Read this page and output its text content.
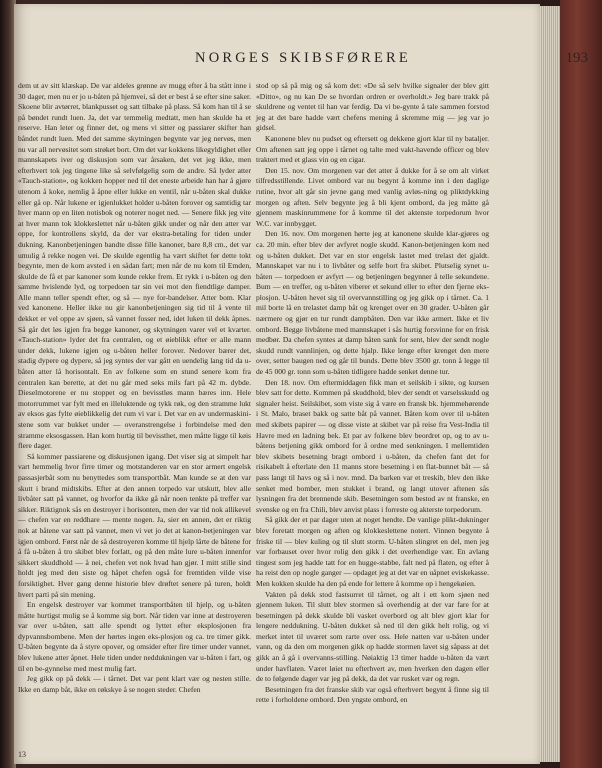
NORGES SKIBSFØRERE	193

dem ut av sitt klæskap. De var aldeles grønne av mugg efter å ha stått inne i 30 dager, men nu er jo u-båten på hjemvei, så det er best å se efter sine saker. Skoene blir avtørret, blankpusset og satt tilbake på plass. Så kom han til å se på bøndet rundt luen. Ja, det var temmelig medtatt, men han skulde ha et reserve. Han leter og finner det, og mens vi sitter og passiarer skifter han båndet rundt luen. Med det samme skytningen begynte var jeg nervøs, men nu var all nervøsitet som strøket bort. Om det var kokkens likegyldighet eller mannskapets iver og diskusjon som var årsaken, det vet jeg ikke, men efterhvert tok jeg tingene like så selvfølgelig som de andre. Så lyder atter «Tauch-station», og kokken hopper ned til det eneste arbeide han har å gjøre utenom å koke, nemlig å åpne eller lukke en ventil, når u-båten skal dukke eller gå op. Når lukene er igjenlukket holder u-båten forover og samtidig tar hver mann op en liten notisbok og noterer noget ned. — Senere fikk jeg vite at hver mann tok klokkeslettet når u-båten gikk under og når den atter var oppe, for kontrollens skyld, da der var ekstra-betaling for tiden under dukning. Kanonbetjeningen bandte disse fille kanoner, bare 8,8 cm., det var umulig å rekke nogen vei. De skulde egentlig ha vært skiftet før dette tokt begynte, men de kom avsted i en sådan fart; men når de nu kom til Emden, skulde de få et par kanoner som kunde rekke frem. Et rykk i u-båten og den samme hvislende lyd, og torpedoen tar sin vei mot den fiendtlige damper. Alle mann teller spendt efter, og så — nye for-bandelser. Atter bom. Klar ved kanonene. Heller ikke nu gir kanonbetjeningen sig tid til å vente til dekket er vel oppe av sjøen, så vannet fosser ned, idet luken til dekk åpnes. Så går det løs igjen fra begge kanoner, og skytningen varer vel et kvarter. «Tauch-station» lyder det fra centralen, og et øieblikk efter er alle mann under dekk, lukene igjen og u-båten heller forover. Nedover bærer det, stadig dypere og dypere, så jeg syntes der var gått en uendelig lang tid da u-båten atter lå horisontalt. En av folkene som en stund senere kom fra centralen kan berette, at det nu går med seks mils fart på 42 m. dybde. Dieselmotorene er nu stoppet og en bevisstløs mann bæres inn. Hele motorrummet var fylt med en illeluktende og tykk røk, og den stramme lukt av eksos gas fylte øieblikkelig det rum vi var i. Det var en av undermaskini-stene som var bukket under — overanstrengelse i forbindelse med den stramme eksosgassen. Han kom hurtig til bevissthet, men måtte ligge til køis flere dager.

Så kommer passiarene og diskusjonen igang. Det viser sig at simpelt har vart hemmelig hvor firre timer og motstanderen var en stor armert engelsk passasjerbåt som nu benyttedes som transportbåt. Man kunde se at den var skutt i brand midtskibs. Efter at den annen torpedo var utskutt, blev alle livbåter satt på vannet, og hvorfor da ikke gå når noen tenkte på treffer var sikker. Riktignok sås en destroyer i horisonten, men der var tid nok allikevel — chefen var en reddhare — mente nogen. Ja, sier en annen, det er riktig nok at båtene var satt på vannet, men vi vet jo det at kanon-betjeningen var igjen ombord. Først når de så destroyeren komme til hjelp lårte de båtene for å få u-båten å tro skibet blev forlatt, og på den måte lure u-båten innenfor sikkert skuddhold — å nei, chefen vet nok hvad han gjør. I mitt stille sind holdt jeg med den siste og håpet chefen også for fremtiden vilde vise forsiktighet. Hver gang denne historie blev drøftet senere på turen, holdt hvert parti på sin mening.

En engelsk destroyer var kommet transportbåten til hjelp, og u-båten måtte hurtigst mulig se å komme sig bort. Når tiden var inne at destroyeren var over u-båten, satt alle spendt og lyttet efter eksplosjonen fra dypvannsbombene. Men der hørtes ingen eks-plosjon og ca. tre timer gikk. U-båten begynte da å styre opover, og omsider efter fire timer under vannet, blev lukene atter åpnet. Hele tiden under neddukningen var u-båten i fart, og til en be-gynnelse med mest mulig fart.

Jeg gikk op på dekk — i tårnet. Det var pent klart vær og nesten stille. Ikke en damp båt, ikke en røkskye å se nogen steder. Chefen

stod op så på mig og så kom det: «De så selv hvilke signaler der blev gitt «Ditto», og nu kan De se hvordan ordren er overholdt.» Jeg bare trakk på skuldrene og ventet til han var ferdig. Da vi be-gynte å tale sammen forstod jeg at det bare hadde vært chefens mening å skremme mig — jeg var jo gidsel.

Kanonene blev nu pudset og eftersett og dekkene gjort klar til ny bataljer. Om aftenen satt jeg oppe i tårnet og talte med vakt-havende officer og blev traktert med et glass vin og en cigar.

Den 15. nov. Om morgenen var det atter å dukke for å se om alt virket tilfredsstillende. Livet ombord var nu begynt å komme inn i den daglige rutine, hvor alt går sin jevne gang med vanlig avløs-ning og pliktdykking morgen og aften. Selv begynte jeg å bli kjent ombord, da jeg måtte gå gjennem maskinrummene for å komme til det aktenste torpedorum hvor W.C. var innbygget.

Den 16. nov. Om morgenen hørte jeg at kanonene skulde klar-gjøres og ca. 20 min. efter blev der avfyret nogle skudd. Kanon-betjeningen kom ned og u-båten dukket. Det var en stor engelsk lastet med trelast det gjaldt. Mannskapet var nu i to livbåter og selfe bort fra skibet. Plutselig synet u-båten — torpedoen er avfyrt — og betjeningen begynner å telle sekundene. Bum — en treffer, og u-båten viberer et sekund eller to efter den fjerne eks-plosjon. U-båten hevet sig til overvannstilling og jeg gikk op i tårnet. Ca. 1 mil borte lå en trelastet damp båt og krenget over en 30 grader. U-båten går nærmere og gjør en tur rundt dampbåten. Den var ikke armert. Ikke et liv ombord. Begge livbåtene med mannskapet i sås hurtig forsvinne for en frisk medbør. Da chefen syntes at damp båten sank for sent, blev der sendt nogle skudd rundt vannlinjen, og dette hjalp. Ikke lenge efter krenget den mere over, setter baugen ned og går til bunds. Dette blev 3500 gr. tonn å legge til de 45 000 gr. tonn som u-båten tidligere hadde senket denne tur.

Den 18. nov. Om eftermiddagen fikk man et seilskib i sikte, og kursen blev satt for dette. Kommen på skuddhold, blev der sendt et varselsskudd og signaler heist. Seilskibet, som viste sig å være en fransk bk. hjemmehørende i St. Malo, braset bakk og satte båt på vannet. Båten kom over til u-båten med skibets papirer — og disse viste at skibet var på reise fra Vest-India til Havre med en ladning bek. Et par av folkene blev beordret op, og to av u-båtens betjening gikk ombord for å ordne med senkningen. I mellemtiden blev skibets besetning bragt ombord i u-båten, da chefen fant det for risikabelt å efterlate den 11 manns store besetning i en flat-bunnet båt — så pass langt til havs og så i nov. mnd. Da barken var et treskib, blev den ikke senket med bomber, men stukket i brand, og langt utover aftenen sås lysningen fra det brennende skib. Besetningen som bestod av nt franske, en svenske og en fra Chili, blev anvist plass i forreste og akterste torpedorum.

Så gikk der et par dager uten at noget hendte. De vanlige plikt-dukninger blev foretatt morgen og aften og klokkeslettene notert. Vinnen begynte å friske til — blev kuling og til slutt storm. U-båten slingret en del, men jeg var forbauset over hvor rolig den gikk i det overhendige vær. En avlang tingest som jeg hadde tatt for en hugge-stabbe, falt ned på flaten, og efter å ha reist den op nogle ganger — opdaget jeg at det var en uåpnet eviskekasse. Men kokken skulde ha den på ende for lettere å komme op i hengekøien.

Vakten på dekk stod fastsurret til tårnet, og alt i ett kom sjøen ned gjennem luken. Til slutt blev stormen så overhendig at der var fare for at besetningen på dekk skulde bli vasket overbord og alt blev gjort klar for lengere neddukning. U-båten dukket så ned til den gikk helt rolig, og vi merket intet til uværet som rarte over oss. Hele natten var u-båten under vann, og da den om morgenen gikk op hadde stormen lavet sig såpass at det gikk an å gå i overvanns-stilling. Nøiaktig 13 timer hadde u-båten da vært under havflaten. Været løiet nu efterhvert av, men hverken den dagen eller de to følgende dager var jeg på dekk, da det var rusket vær og regn.

Besetningen fra det franske skib var også efterhvert begynt å finne sig til rette i forholdene ombord. Den yngste ombord, en

13
